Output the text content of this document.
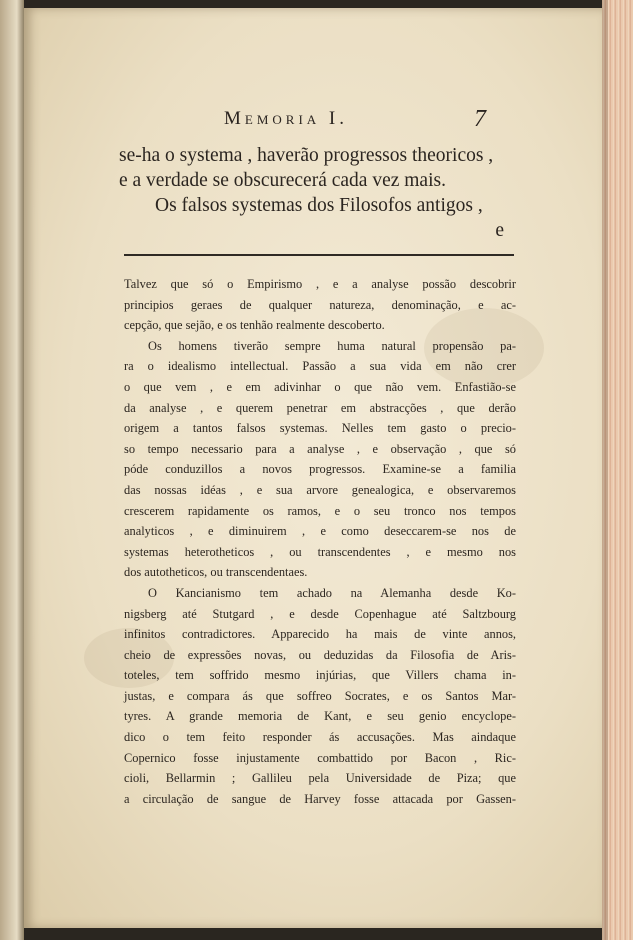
Memoria I.	7
se-ha o systema , haverão progressos theoricos ,
e a verdade se obscurecerá cada vez mais.
Os falsos systemas dos Filosofos antigos ,
e

Talvez que só o Empirismo , e a analyse possão descobrir
principios geraes de qualquer natureza, denominação, e ac-
cepção, que sejão, e os tenhão realmente descoberto.

Os homens tiverão sempre huma natural propensão pa-
ra o idealismo intellectual. Passão a sua vida em não crer
o que vem , e em adivinhar o que não vem. Enfastião-se
da analyse , e querem penetrar em abstracções , que derão
origem a tantos falsos systemas. Nelles tem gasto o precio-
so tempo necessario para a analyse , e observação , que só
póde conduzillos a novos progressos. Examine-se a familia
das nossas idéas , e sua arvore genealogica, e observaremos
crescerem rapidamente os ramos, e o seu tronco nos tempos
analyticos , e diminuirem , e como deseccarem-se nos de
systemas heterotheticos , ou transcendentes , e mesmo nos
dos autotheticos, ou transcendentaes.

O Kancianismo tem achado na Alemanha desde Ko-
nigsberg até Stutgard , e desde Copenhague até Saltzbourg
infinitos contradictores. Apparecido ha mais de vinte annos,
cheio de expressões novas, ou deduzidas da Filosofia de Aris-
toteles, tem soffrido mesmo injúrias, que Villers chama in-
justas, e compara ás que soffreo Socrates, e os Santos Mar-
tyres. A grande memoria de Kant, e seu genio encyclope-
dico o tem feito responder ás accusações. Mas aindaque
Copernico fosse injustamente combattido por Bacon , Ric-
cioli, Bellarmin ; Gallileu pela Universidade de Piza; que
a circulação de sangue de Harvey fosse attacada por Gassen-
